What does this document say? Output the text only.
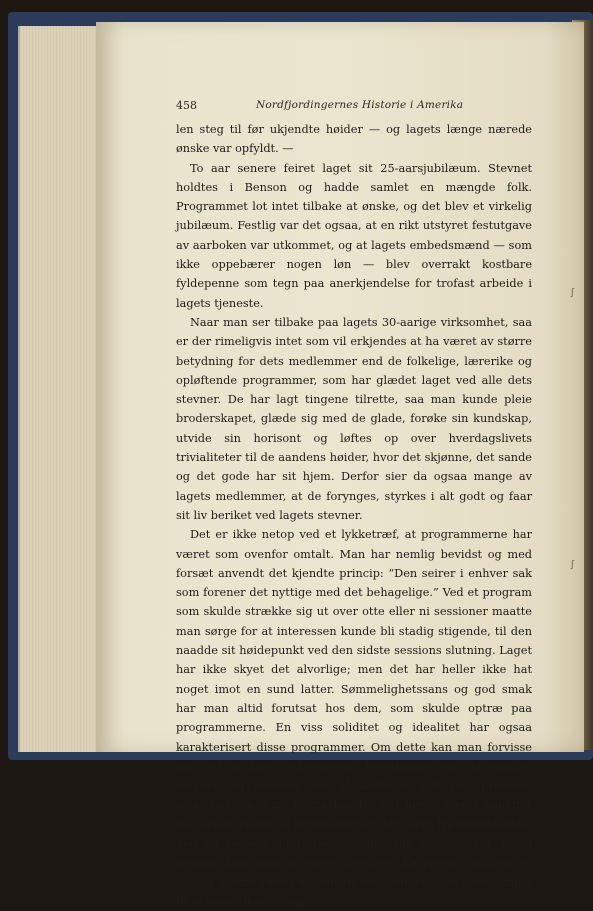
458	Nordfjordingernes Historie i Amerika

len steg til før ukjendte høider — og lagets længe nærede ønske var opfyldt. —

To aar senere feiret laget sit 25-aarsjubilæum. Stevnet holdtes i Benson og hadde samlet en mængde folk. Programmet lot intet tilbake at ønske, og det blev et virkelig jubilæum. Festlig var det ogsaa, at en rikt utstyret festutgave av aarboken var utkommet, og at lagets embedsmænd — som ikke oppebærer nogen løn — blev overrakt kostbare fyldepenne som tegn paa anerkjendelse for trofast arbeide i lagets tjeneste.

Naar man ser tilbake paa lagets 30-aarige virksomhet, saa er der rimeligvis intet som vil erkjendes at ha været av større betydning for dets medlemmer end de folkelige, lærerike og opløftende programmer, som har glædet laget ved alle dets stevner. De har lagt tingene tilrette, saa man kunde pleie broderskapet, glæde sig med de glade, forøke sin kundskap, utvide sin horisont og løftes op over hverdagslivets trivialiteter til de aandens høider, hvor det skjønne, det sande og det gode har sit hjem. Derfor sier da ogsaa mange av lagets medlemmer, at de forynges, styrkes i alt godt og faar sit liv beriket ved lagets stevner.

Det er ikke netop ved et lykketræf, at programmerne har været som ovenfor omtalt. Man har nemlig bevidst og med forsæt anvendt det kjendte princip: “Den seirer i enhver sak som forener det nyttige med det behagelige.” Ved et program som skulde strække sig ut over otte eller ni sessioner maatte man sørge for at interessen kunde bli stadig stigende, til den naadde sit høidepunkt ved den sidste sessions slutning. Laget har ikke skyet det alvorlige; men det har heller ikke hat noget imot en sund latter. Sømmelighetssans og god smak har man altid forutsat hos dem, som skulde optræ paa programmerne. En viss soliditet og idealitet har ogsaa karakterisert disse programmer. Om dette kan man forvisse sig ved at læse sekretærens beretninger om de enkelte stevner, og desuten ved at kaste et blik paa pressens uttalelser om dem. Norsk har for det meste været benyttet ved lagets møter og forhandlinger, dog langt fra utelukkende. Ved en session, helst den anden dags aftensession, har i regelen kun engelsk været benyttet. En speciel indbydelse har da gjerne været utstedt til vedkommende bys befolkning til at være tilstede, og

ʃ
ʃ
